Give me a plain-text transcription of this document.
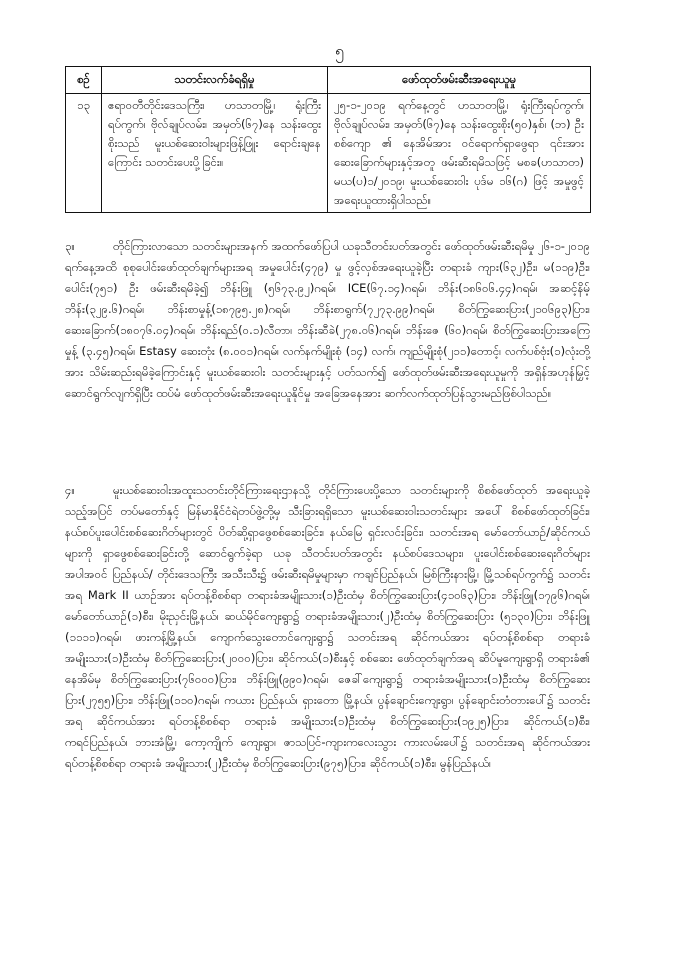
၅
စဉ်	သတင်းလက်ခံရရှိမှု	ဖော်ထုတ်ဖမ်းဆီးအရေးယူမှု
၁၃	ဧရာဝတီတိုင်းဒေသကြီး၊ ဟသာတမြို့၊ ရုံးကြီးရပ်ကွက်၊ ဗိုလ်ချုပ်လမ်း၊ အမှတ်(၆၇)နေ သန်းထွေးစိုးသည် မူးယစ်ဆေးဝါးများဖြန့်ဖြူး ရောင်းချနေကြောင်း သတင်းပေးပို့ခြင်း။	၂၅-၁-၂၀၁၉ ရက်နေ့တွင် ဟသာတမြို့၊ ရုံးကြီးရပ်ကွက်၊ ဗိုလ်ချုပ်လမ်း၊ အမှတ်(၆၇)နေ သန်းထွေးစိုး(၅၀)နှစ်၊ (ဘ) ဦးစစ်ကျော ၏ နေအိမ်အား ဝင်ရောက်ရှာဖွေရာ ၎င်းအား ဆေးခြောက်များနှင့်အတူ ဖမ်းဆီးရမိသဖြင့် မစခ(ဟသာတ) မယ(ပ)၁/၂၀၁၉၊ မူးယစ်ဆေးဝါး ပုဒ်မ ၁၆(ဂ) ဖြင့် အမှုဖွင့် အရေးယူထားရှိပါသည်။
၃။	တိုင်ကြားလာသော သတင်းများအနက် အထက်ဖော်ပြပါ ယခုသီတင်းပတ်အတွင်း ဖော်ထုတ်ဖမ်းဆီးရမိမှု ၂၆-၁-၂၀၁၉ ရက်နေ့အထိ စုစုပေါင်းဖော်ထုတ်ချက်များအရ အမှုပေါင်း(၄၇၉) မှု ဖွင့်လှစ်အရေးယူခဲ့ပြီး တရားခံ ကျား(၆၃၂)ဦး၊ မ(၁၁၉)ဦး၊ ပေါင်း(၇၅၁) ဦး ဖမ်းဆီးရမိခဲ့၍ ဘိန်းဖြူ (၅၆၇၃.၉၂)ဂရမ်၊ ICE(၆၇.၁၄)ဂရမ်၊ ဘိန်း(၁၈၆၀၆.၄၄)ဂရမ်၊ အဆင့်နိမ့်ဘိန်း(၃၂၉.၆)ဂရမ်၊ ဘိန်းစာမှုန့်(၁၈၇၉၅.၂၈)ဂရမ်၊ ဘိန်းစာရွက်(၇၂၇၃.၉၉)ဂရမ်၊ စိတ်ကြွဆေးပြား(၂၁၀၆၉၃)ပြား၊ ဆေးခြောက်(၁၈၀၇၆.၀၄)ဂရမ်၊ ဘိန်းရည်(၀.၁)လီတာ၊ ဘိန်းဆီခဲ(၂၇၈.၀၆)ဂရမ်၊ ဘိန်းဇေ (၆၀)ဂရမ်၊ စိတ်ကြွဆေးပြားအကြေမှုန့် (၃.၄၅)ဂရမ်၊ Estasy ဆေးတုံး (၈.၀၀၁)ဂရမ်၊ လက်နက်မျိုးစုံ (၁၄) လက်၊ ကျည်မျိုးစုံ(၂၁၁)တောင့်၊ လက်ပစ်ဗုံး(၁)လုံးတို့အား သိမ်းဆည်းရမိခဲ့ကြောင်းနှင့် မူးယစ်ဆေးဝါး သတင်းများနှင့် ပတ်သက်၍ ဖော်ထုတ်ဖမ်းဆီးအရေးယူမှုကို အရှိန်အဟုန်မြှင့် ဆောင်ရွက်လျက်ရှိပြီး ထပ်မံ ဖော်ထုတ်ဖမ်းဆီးအရေးယူနိုင်မှု အခြေအနေအား ဆက်လက်ထုတ်ပြန်သွားမည်ဖြစ်ပါသည်။
၄။	မူးယစ်ဆေးဝါးအထူးသတင်းတိုင်ကြားရေးဌာနသို့ တိုင်ကြားပေးပို့သော သတင်းများကို စိစစ်ဖော်ထုတ် အရေးယူခဲ့သည့်အပြင် တပ်မတော်နှင့် မြန်မာနိုင်ငံရဲတပ်ဖွဲ့တို့မှ သီးခြားရရှိသော မူးယစ်ဆေးဝါးသတင်းများ အပေါ် စိစစ်ဖော်ထုတ်ခြင်း၊ နယ်စပ်ပူးပေါင်းစစ်ဆေးဂိတ်များတွင် ပိတ်ဆို့ရှာဖွေစစ်ဆေးခြင်း၊ နယ်မြေ ရှင်းလင်းခြင်း၊ သတင်းအရ မော်တော်ယာဉ်/ဆိုင်ကယ်များကို ရှာဖွေစစ်ဆေးခြင်းတို့ ဆောင်ရွက်ခဲ့ရာ ယခု သီတင်းပတ်အတွင်း နယ်စပ်ဒေသများ၊ ပူးပေါင်းစစ်ဆေးရေးဂိတ်များအပါအဝင် ပြည်နယ်/ တိုင်းဒေသကြီး အသီးသီး၌ ဖမ်းဆီးရမိမှုများမှာ ကချင်ပြည်နယ်၊ မြစ်ကြီးနားမြို့၊ မြို့သစ်ရပ်ကွက်၌ သတင်းအရ Mark II ယာဉ်အား ရပ်တန့်စိစစ်ရာ တရားခံအမျိုးသား(၁)ဦးထံမှ စိတ်ကြွဆေးပြား(၄၁၀၆၃)ပြား၊ ဘိန်းဖြူ(၁၇၉၆)ဂရမ်၊ မော်တော်ယာဉ်(၁)စီး၊ မိုးညှင်းမြို့နယ်၊ ဆယ်မိုင်ကျေးရွာ၌ တရားခံအမျိုးသား(၂)ဦးထံမှ စိတ်ကြွဆေးပြား (၅၁၃၀)ပြား၊ ဘိန်းဖြူ (၁၁၁၁)ဂရမ်၊ ဖားကန့်မြို့နယ်၊ ကျောက်သွေးတောင်ကျေးရွာ၌ သတင်းအရ ဆိုင်ကယ်အား ရပ်တန့်စိစစ်ရာ တရားခံ အမျိုးသား(၁)ဦးထံမှ စိတ်ကြွဆေးပြား(၂၀၀၀)ပြား၊ ဆိုင်ကယ်(၁)စီးနှင့် စစ်ဆေး ဖော်ထုတ်ချက်အရ ဆိပ်မူကျေးရွာရှိ တရားခံ၏ နေအိမ်မှ စိတ်ကြွဆေးပြား(၇၆၀၀၀)ပြား၊ ဘိန်းဖြူ(၉၉၀)ဂရမ်၊ ဇေခါ်ကျေးရွာ၌ တရားခံအမျိုးသား(၁)ဦးထံမှ စိတ်ကြွဆေးပြား(၂၇၅၅)ပြား၊ ဘိန်းဖြူ(၁၁၀)ဂရမ်၊ ကယား ပြည်နယ်၊ ရှားတော မြို့နယ်၊ ပွန်ချောင်းကျေးရွာ၊ ပွန်ချောင်းတံတားပေါ်၌ သတင်းအရ ဆိုင်ကယ်အား ရပ်တန့်စိစစ်ရာ တရားခံ အမျိုးသား(၁)ဦးထံမှ စိတ်ကြွဆေးပြား(၁၉၂၅)ပြား၊ ဆိုင်ကယ်(၁)စီး၊ ကရင်ပြည်နယ်၊ ဘားအံမြို့၊ ကော့ကျိုက် ကျေးရွာ၊ ဇာသပြင်-ကျားကလေးသွား ကားလမ်းပေါ်၌ သတင်းအရ ဆိုင်ကယ်အား ရပ်တန့်စိစစ်ရာ တရားခံ အမျိုးသား(၂)ဦးထံမှ စိတ်ကြွဆေးပြား(၉၇၅)ပြား၊ ဆိုင်ကယ်(၁)စီး၊ မွန်ပြည်နယ်၊
